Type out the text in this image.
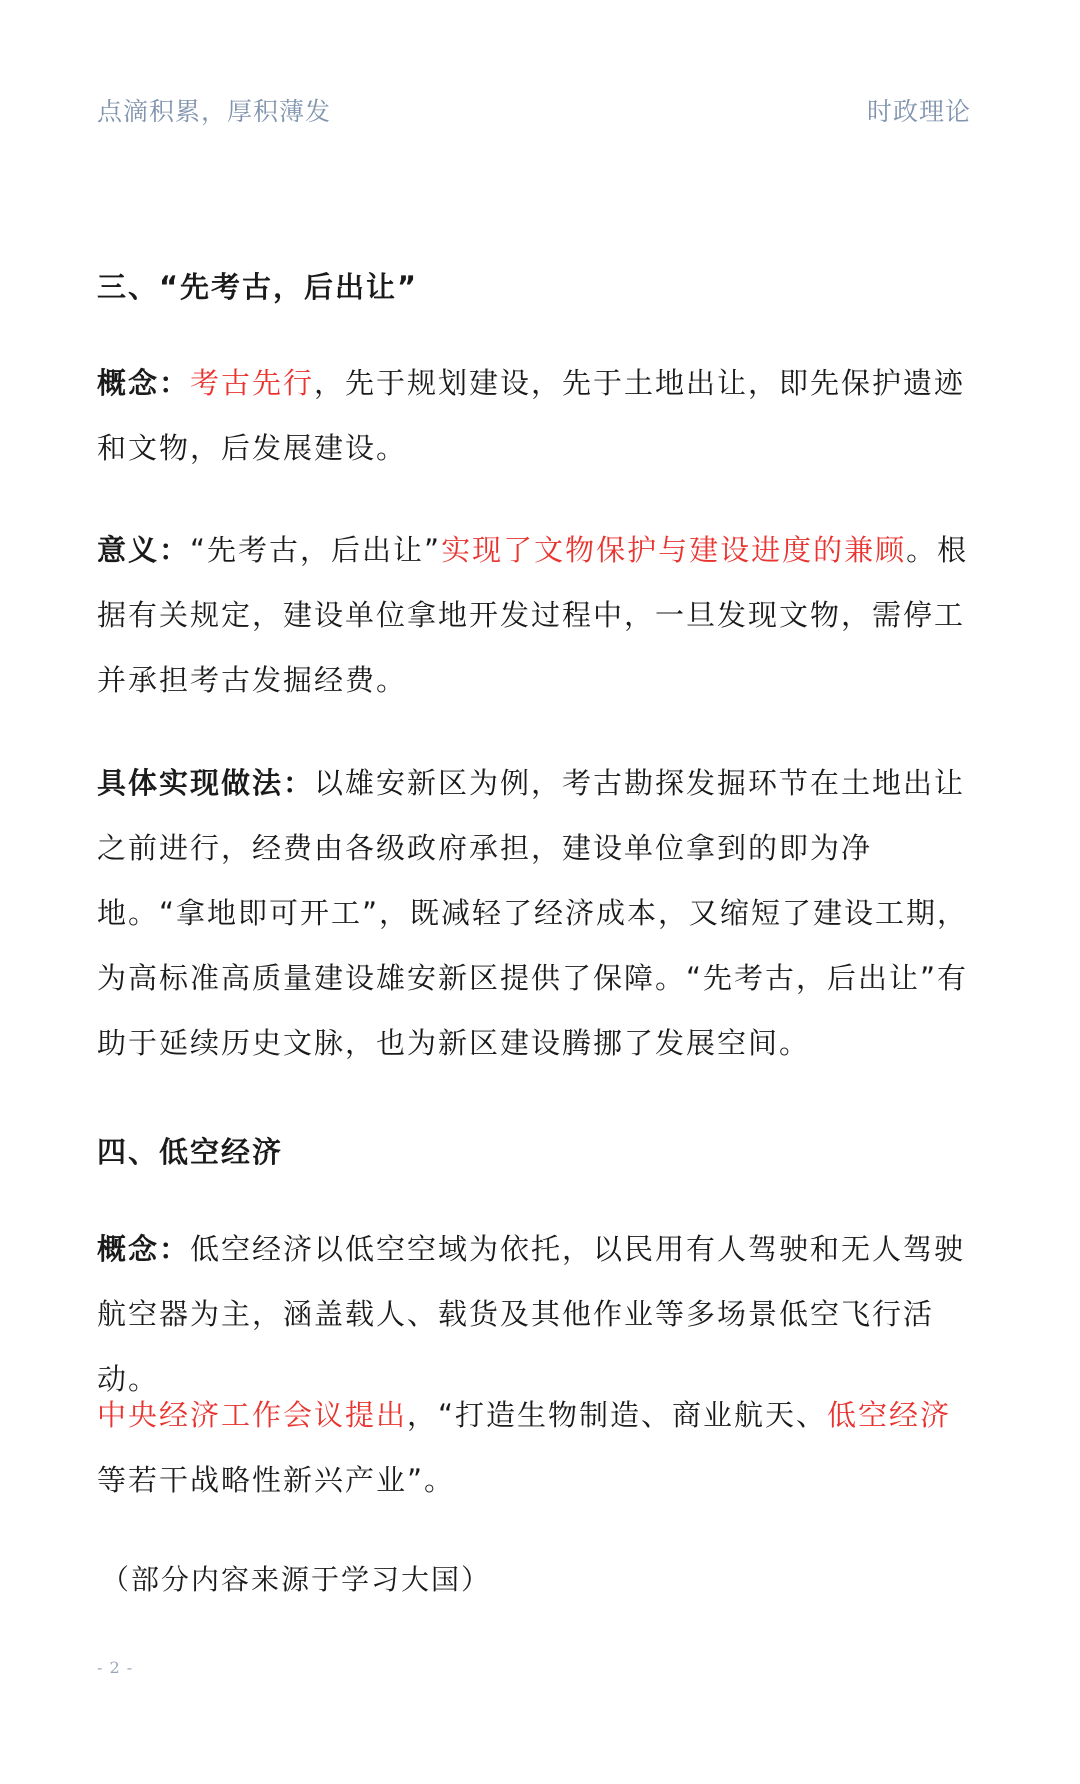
点滴积累，厚积薄发	时政理论
三、“先考古，后出让”
概念：考古先行，先于规划建设，先于土地出让，即先保护遗迹和文物，后发展建设。
意义：“先考古，后出让”实现了文物保护与建设进度的兼顾。根据有关规定，建设单位拿地开发过程中，一旦发现文物，需停工并承担考古发掘经费。
具体实现做法：以雄安新区为例，考古勘探发掘环节在土地出让之前进行，经费由各级政府承担，建设单位拿到的即为净地。“拿地即可开工”，既减轻了经济成本，又缩短了建设工期，为高标准高质量建设雄安新区提供了保障。“先考古，后出让”有助于延续历史文脉，也为新区建设腾挪了发展空间。
四、低空经济
概念：低空经济以低空空域为依托，以民用有人驾驶和无人驾驶航空器为主，涵盖载人、载货及其他作业等多场景低空飞行活动。
中央经济工作会议提出，“打造生物制造、商业航天、低空经济等若干战略性新兴产业”。
（部分内容来源于学习大国）
- 2 -
